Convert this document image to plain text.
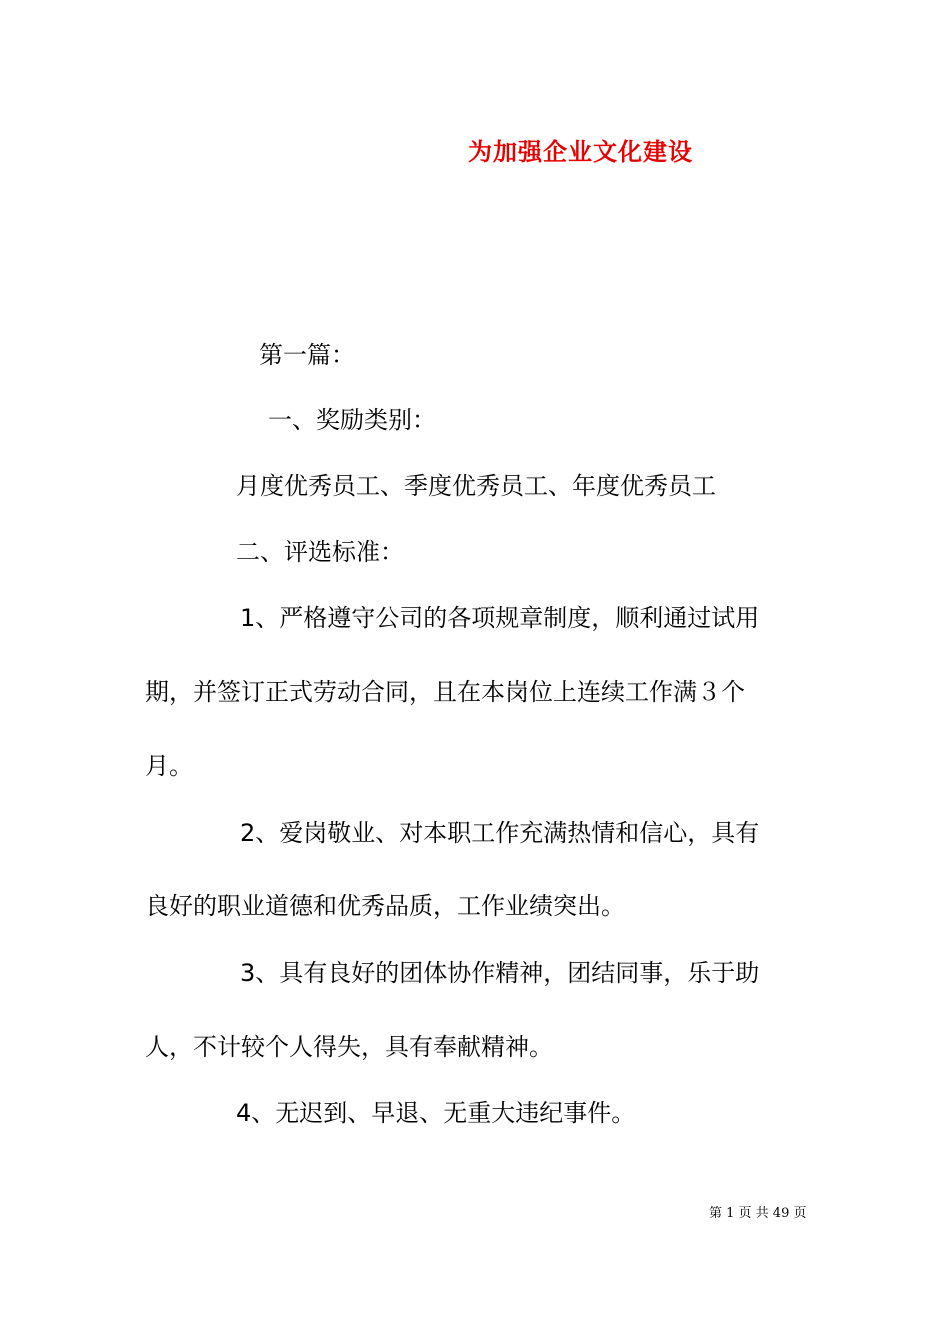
为加强企业文化建设
第一篇：
一、奖励类别：
月度优秀员工、季度优秀员工、年度优秀员工
二、评选标准：
1、严格遵守公司的各项规章制度，顺利通过试用
期，并签订正式劳动合同，且在本岗位上连续工作满３个
月。
2、爱岗敬业、对本职工作充满热情和信心，具有
良好的职业道德和优秀品质，工作业绩突出。
3、具有良好的团体协作精神，团结同事，乐于助
人，不计较个人得失，具有奉献精神。
4、无迟到、早退、无重大违纪事件。
第 1 页 共 49 页
